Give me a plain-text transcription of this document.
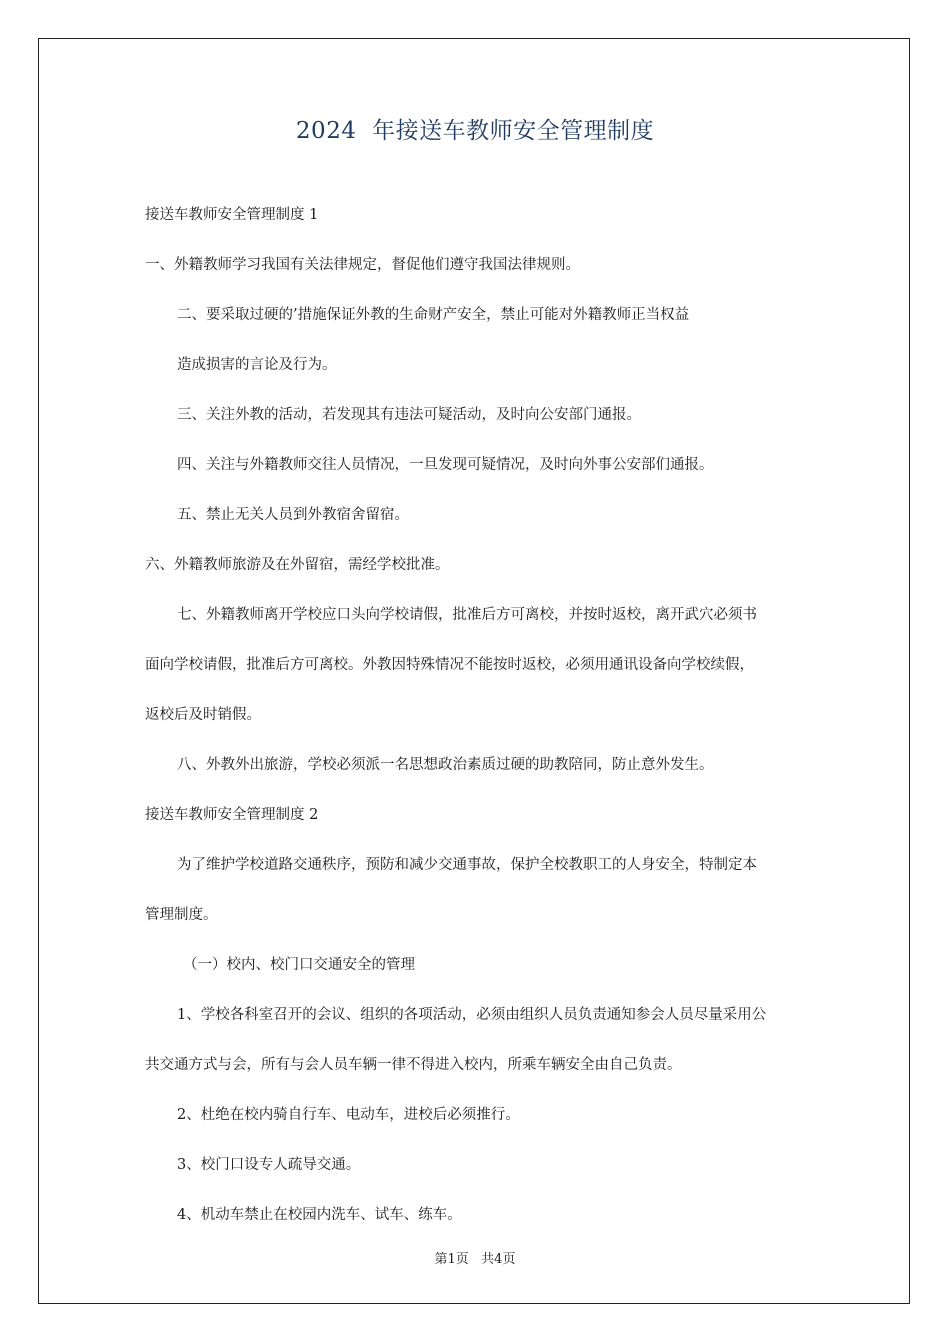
2024  年接送车教师安全管理制度
接送车教师安全管理制度 1
一、外籍教师学习我国有关法律规定，督促他们遵守我国法律规则。
二、要采取过硬的’措施保证外教的生命财产安全，禁止可能对外籍教师正当权益
造成损害的言论及行为。
三、关注外教的活动，若发现其有违法可疑活动，及时向公安部门通报。
四、关注与外籍教师交往人员情况，一旦发现可疑情况，及时向外事公安部们通报。
五、禁止无关人员到外教宿舍留宿。
六、外籍教师旅游及在外留宿，需经学校批准。
七、外籍教师离开学校应口头向学校请假，批准后方可离校，并按时返校，离开武穴必须书
面向学校请假，批准后方可离校。外教因特殊情况不能按时返校，必须用通讯设备向学校续假，
返校后及时销假。
八、外教外出旅游，学校必须派一名思想政治素质过硬的助教陪同，防止意外发生。
接送车教师安全管理制度 2
为了维护学校道路交通秩序，预防和减少交通事故，保护全校教职工的人身安全，特制定本
管理制度。
（一）校内、校门口交通安全的管理
1、学校各科室召开的会议、组织的各项活动，必须由组织人员负责通知参会人员尽量采用公
共交通方式与会，所有与会人员车辆一律不得进入校内，所乘车辆安全由自己负责。
2、杜绝在校内骑自行车、电动车，进校后必须推行。
3、校门口设专人疏导交通。
4、机动车禁止在校园内洗车、试车、练车。
第1页   共4页
